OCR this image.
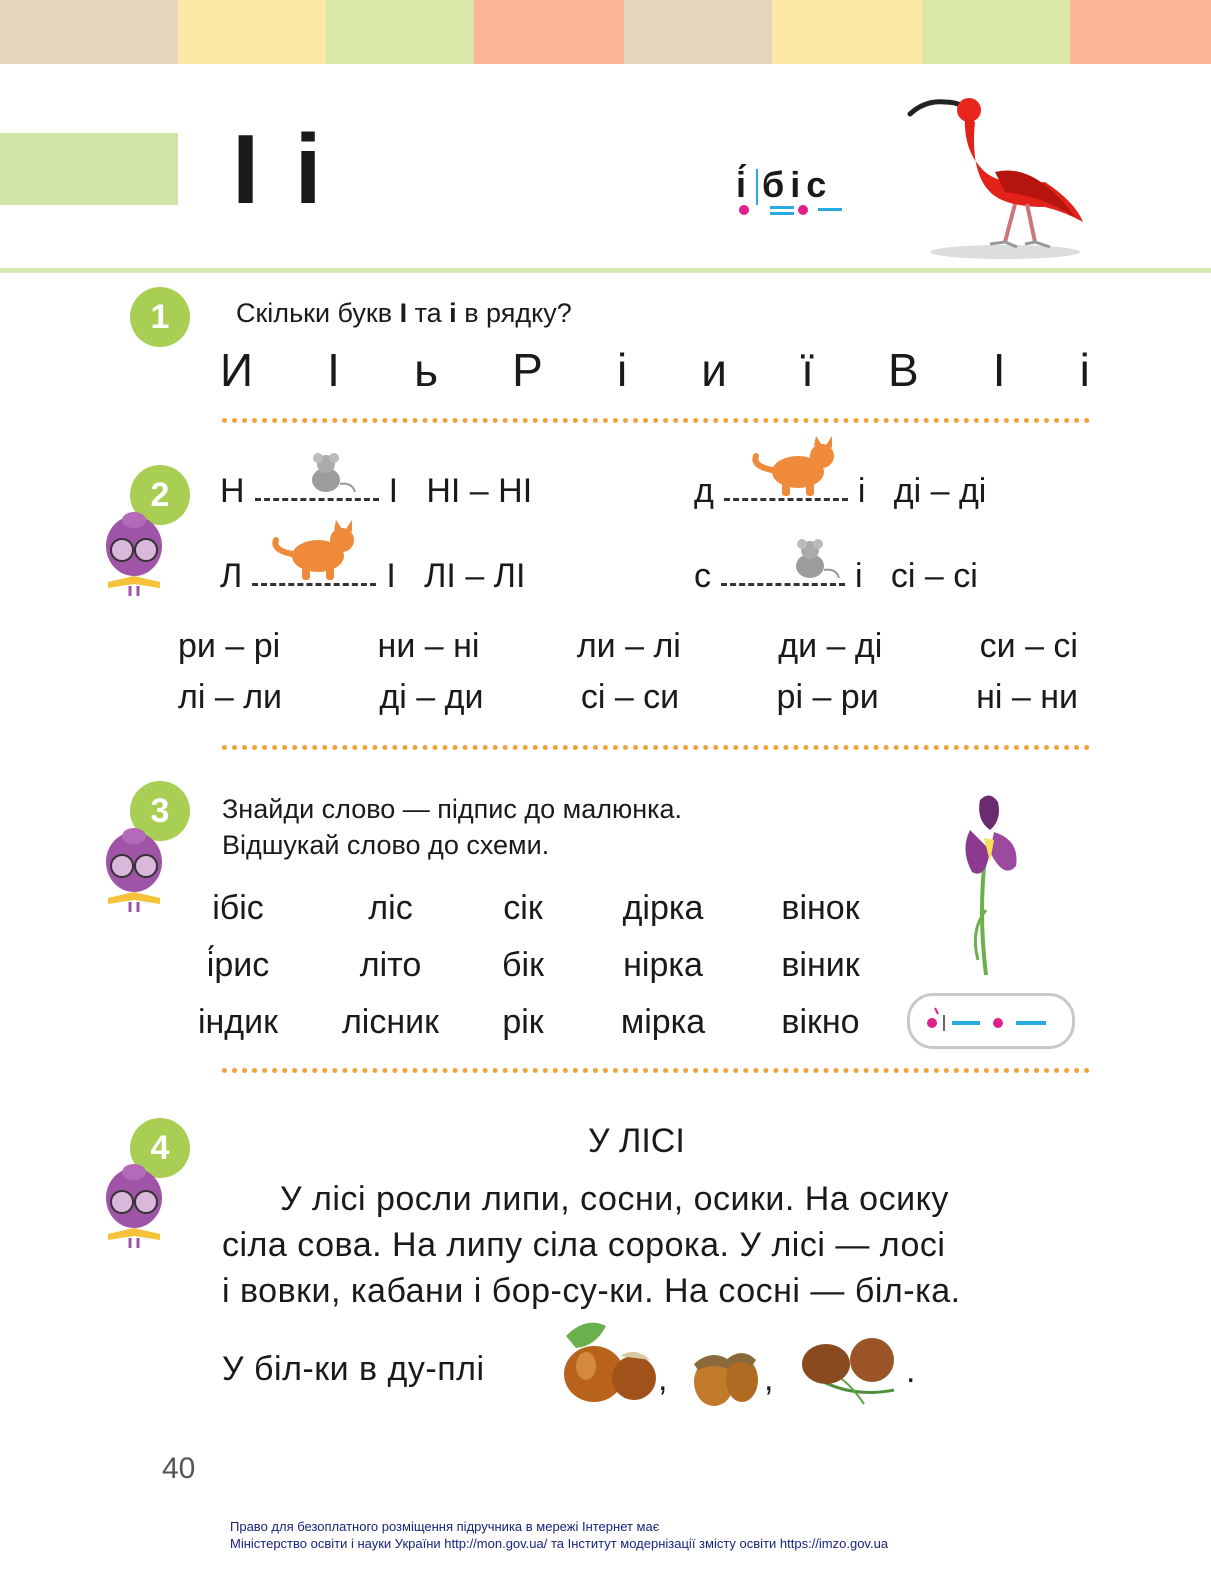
І і	і́ біс
1	Скільки букв І та і в рядку?
И І ь Р і и ї В І і
2	Н	І НІ – НІ	д	і ді – ді
Л	І ЛІ – ЛІ	с	і сі – сі
ри – рі	ни – ні	ли – лі	ди – ді	си – сі
лі – ли	ді – ди	сі – си	рі – ри	ні – ни
3	Знайди слово — підпис до малюнка.
Відшукай слово до схеми.
ібіс	ліс	сік	дірка	вінок
і́рис	літо	бік	нірка	віник
індик	лісник	рік	мірка	вікно
4	У ЛІСІ
У лісі росли липи, сосни, осики. На осику
сіла сова. На липу сіла сорока. У лісі — лосі
і вовки, кабани і бор-су-ки. На сосні — біл-ка.
У біл-ки в ду-плі	,	,	.
40
Право для безоплатного розміщення підручника в мережі Інтернет має
Міністерство освіти і науки України http://mon.gov.ua/ та Інститут модернізації змісту освіти https://imzo.gov.ua
